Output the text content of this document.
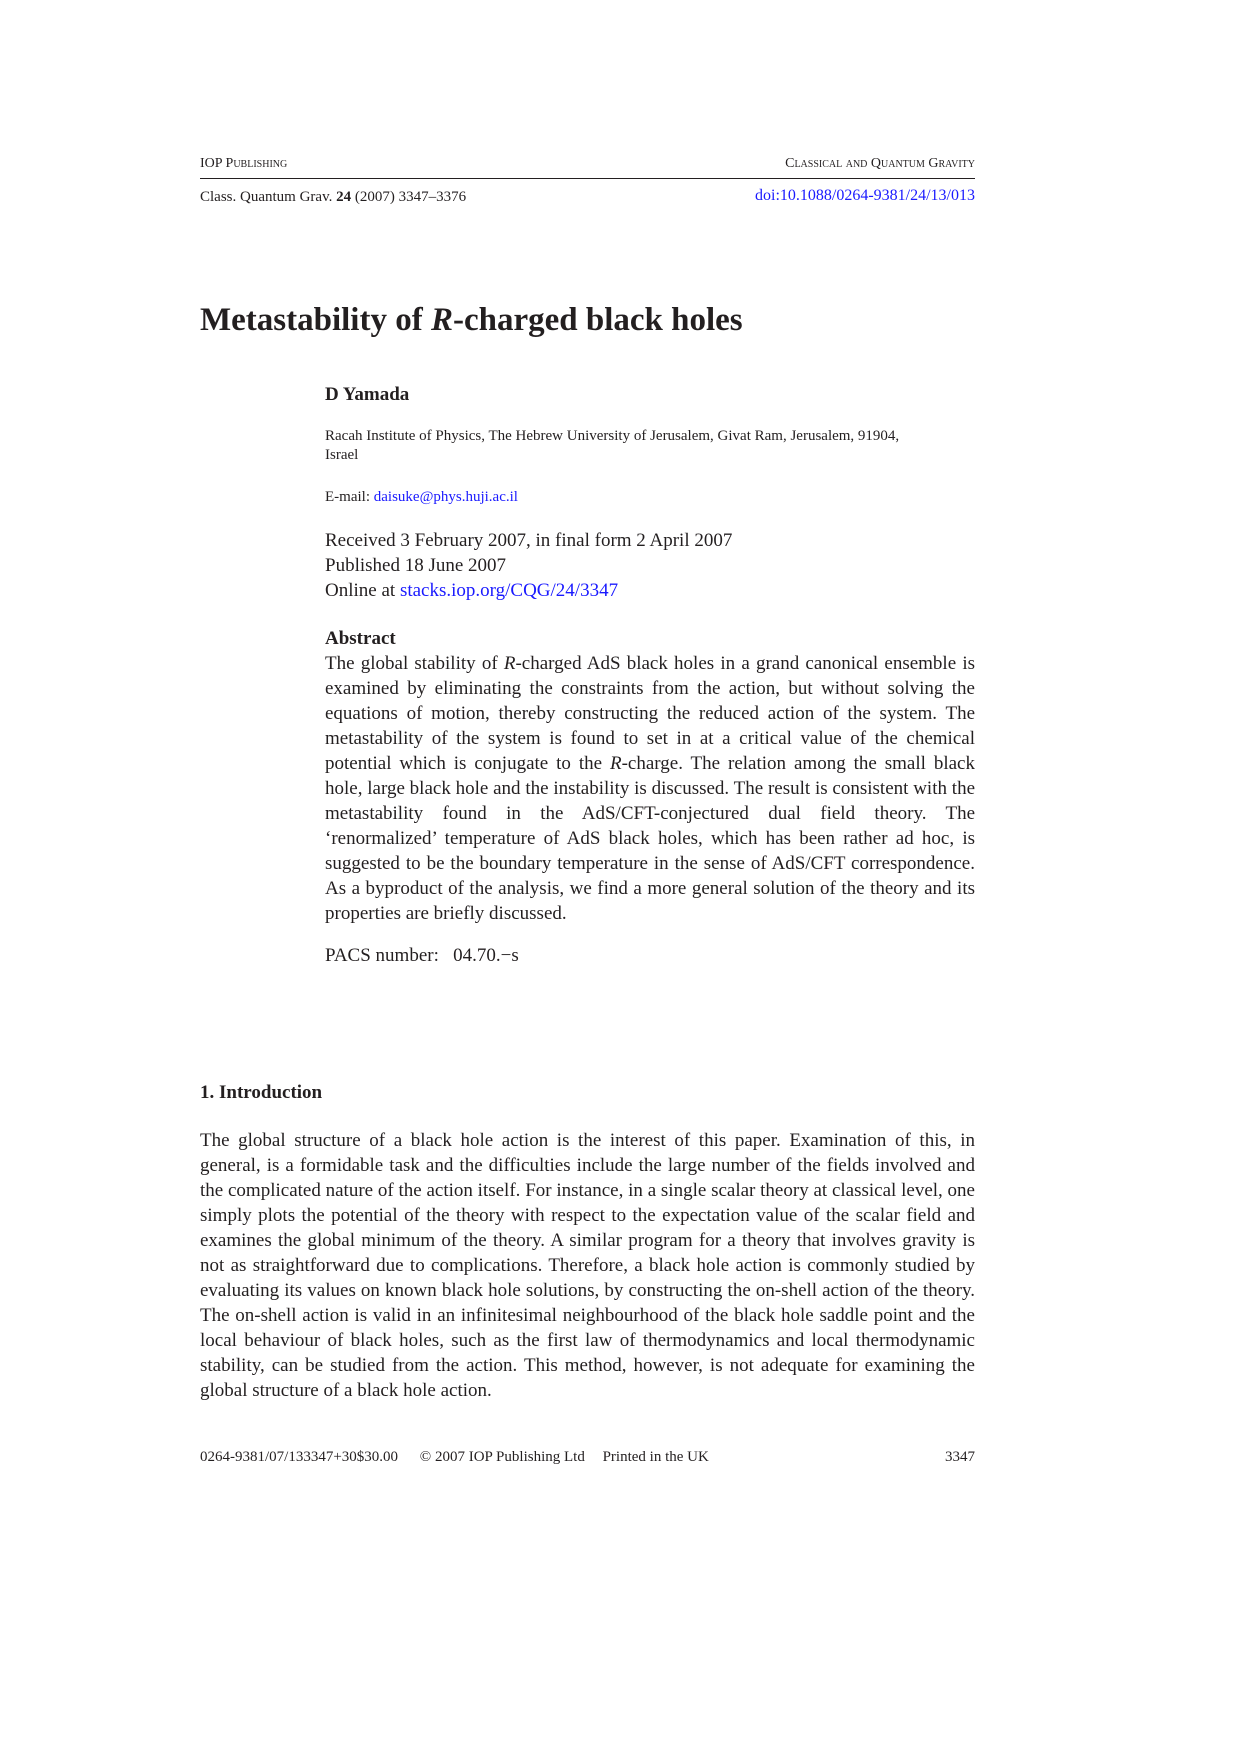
IOP Publishing	Classical and Quantum Gravity
Class. Quantum Grav. 24 (2007) 3347–3376	doi:10.1088/0264-9381/24/13/013
Metastability of R-charged black holes
D Yamada
Racah Institute of Physics, The Hebrew University of Jerusalem, Givat Ram, Jerusalem, 91904,
Israel
E-mail: daisuke@phys.huji.ac.il
Received 3 February 2007, in final form 2 April 2007
Published 18 June 2007
Online at stacks.iop.org/CQG/24/3347
Abstract
The global stability of R-charged AdS black holes in a grand canonical ensemble is examined by eliminating the constraints from the action, but without solving the equations of motion, thereby constructing the reduced action of the system. The metastability of the system is found to set in at a critical value of the chemical potential which is conjugate to the R-charge. The relation among the small black hole, large black hole and the instability is discussed. The result is consistent with the metastability found in the AdS/CFT-conjectured dual field theory. The ‘renormalized’ temperature of AdS black holes, which has been rather ad hoc, is suggested to be the boundary temperature in the sense of AdS/CFT correspondence. As a byproduct of the analysis, we find a more general solution of the theory and its properties are briefly discussed.
PACS number: 04.70.−s
1. Introduction
The global structure of a black hole action is the interest of this paper. Examination of this, in general, is a formidable task and the difficulties include the large number of the fields involved and the complicated nature of the action itself. For instance, in a single scalar theory at classical level, one simply plots the potential of the theory with respect to the expectation value of the scalar field and examines the global minimum of the theory. A similar program for a theory that involves gravity is not as straightforward due to complications. Therefore, a black hole action is commonly studied by evaluating its values on known black hole solutions, by constructing the on-shell action of the theory. The on-shell action is valid in an infinitesimal neighbourhood of the black hole saddle point and the local behaviour of black holes, such as the first law of thermodynamics and local thermodynamic stability, can be studied from the action. This method, however, is not adequate for examining the global structure of a black hole action.
0264-9381/07/133347+30$30.00 © 2007 IOP Publishing Ltd Printed in the UK	3347
